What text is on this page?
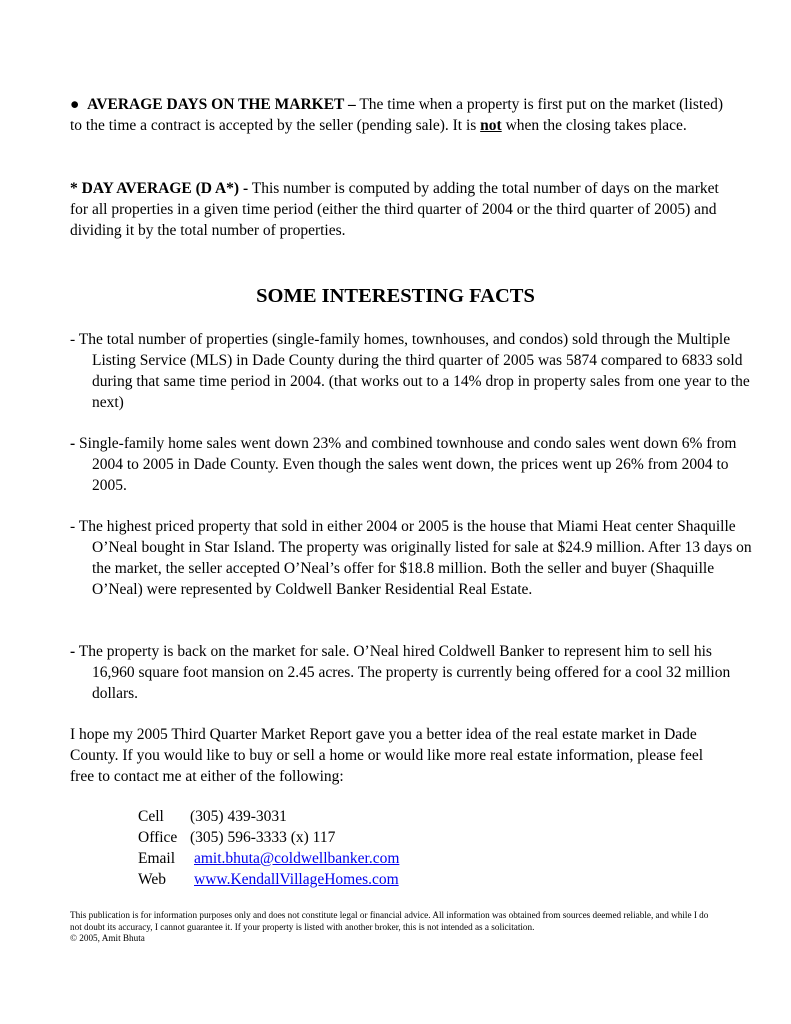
● AVERAGE DAYS ON THE MARKET – The time when a property is first put on the market (listed) to the time a contract is accepted by the seller (pending sale). It is not when the closing takes place.

* DAY AVERAGE (D A*) - This number is computed by adding the total number of days on the market for all properties in a given time period (either the third quarter of 2004 or the third quarter of 2005) and dividing it by the total number of properties.

SOME INTERESTING FACTS

- The total number of properties (single-family homes, townhouses, and condos) sold through the Multiple Listing Service (MLS) in Dade County during the third quarter of 2005 was 5874 compared to 6833 sold during that same time period in 2004. (that works out to a 14% drop in property sales from one year to the next)

- Single-family home sales went down 23% and combined townhouse and condo sales went down 6% from 2004 to 2005 in Dade County. Even though the sales went down, the prices went up 26% from 2004 to 2005.

- The highest priced property that sold in either 2004 or 2005 is the house that Miami Heat center Shaquille O’Neal bought in Star Island. The property was originally listed for sale at $24.9 million. After 13 days on the market, the seller accepted O’Neal’s offer for $18.8 million. Both the seller and buyer (Shaquille O’Neal) were represented by Coldwell Banker Residential Real Estate.

- The property is back on the market for sale. O’Neal hired Coldwell Banker to represent him to sell his 16,960 square foot mansion on 2.45 acres. The property is currently being offered for a cool 32 million dollars.

I hope my 2005 Third Quarter Market Report gave you a better idea of the real estate market in Dade County. If you would like to buy or sell a home or would like more real estate information, please feel free to contact me at either of the following:

Cell	(305) 439-3031
Office (305) 596-3333 (x) 117
Email	amit.bhuta@coldwellbanker.com
Web	www.KendallVillageHomes.com
This publication is for information purposes only and does not constitute legal or financial advice. All information was obtained from sources deemed reliable, and while I do not doubt its accuracy, I cannot guarantee it. If your property is listed with another broker, this is not intended as a solicitation.
© 2005, Amit Bhuta
